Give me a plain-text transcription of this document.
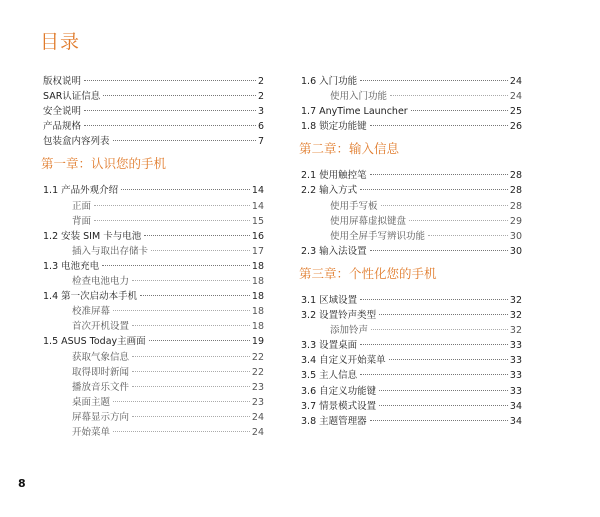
目录
版权说明	2
SAR认证信息	2
安全说明	3
产品规格	6
包装盒内容列表	7
第一章：认识您的手机
1.1 产品外观介绍	14
正面	14
背面	15
1.2 安装 SIM 卡与电池	16
插入与取出存储卡	17
1.3 电池充电	18
检查电池电力	18
1.4 第一次启动本手机	18
校准屏幕	18
首次开机设置	18
1.5 ASUS Today主画面	19
获取气象信息	22
取得即时新闻	22
播放音乐文件	23
桌面主题	23
屏幕显示方向	24
开始菜单	24
1.6 入门功能	24
使用入门功能	24
1.7 AnyTime Launcher	25
1.8 锁定功能键	26
第二章：输入信息
2.1 使用触控笔	28
2.2 输入方式	28
使用手写板	28
使用屏幕虚拟键盘	29
使用全屏手写辨识功能	30
2.3 输入法设置	30
第三章：个性化您的手机
3.1 区域设置	32
3.2 设置铃声类型	32
添加铃声	32
3.3 设置桌面	33
3.4 自定义开始菜单	33
3.5 主人信息	33
3.6 自定义功能键	33
3.7 情景模式设置	34
3.8 主题管理器	34
8
